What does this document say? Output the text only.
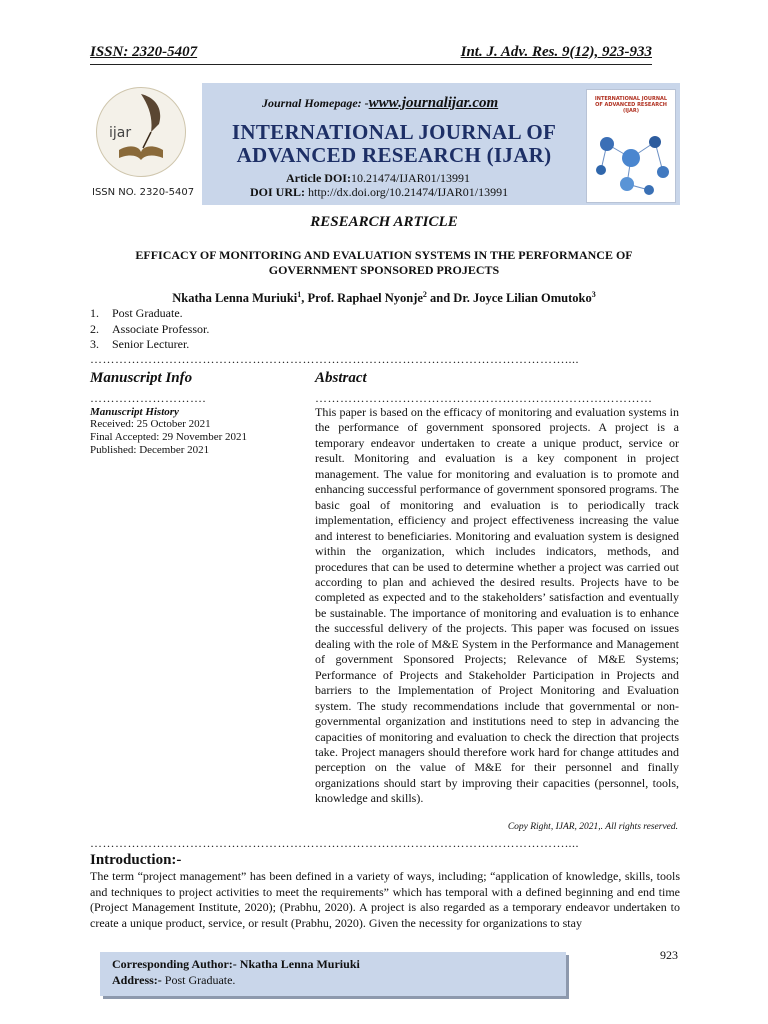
ISSN: 2320-5407	Int. J. Adv. Res. 9(12), 923-933
ijar
ISSN NO. 2320-5407
Journal Homepage: -www.journalijar.com
INTERNATIONAL JOURNAL OF
ADVANCED RESEARCH (IJAR)
Article DOI:10.21474/IJAR01/13991
DOI URL: http://dx.doi.org/10.21474/IJAR01/13991
INTERNATIONAL JOURNAL OF ADVANCED RESEARCH (IJAR)
RESEARCH ARTICLE
EFFICACY OF MONITORING AND EVALUATION SYSTEMS IN THE PERFORMANCE OF
GOVERNMENT SPONSORED PROJECTS
Nkatha Lenna Muriuki$^1$, Prof. Raphael Nyonje$^2$ and Dr. Joyce Lilian Omutoko$^3$
1. Post Graduate.
2. Associate Professor.
3. Senior Lecturer.
……………………………………………………………………………………………………....
Manuscript Info
……………………….
Manuscript History
Received: 25 October 2021
Final Accepted: 29 November 2021
Published: December 2021
Abstract
………………………………………………………………………
This paper is based on the efficacy of monitoring and evaluation systems in the performance of government sponsored projects. A project is a temporary endeavor undertaken to create a unique product, service or result. Monitoring and evaluation is a key component in project management. The value for monitoring and evaluation is to promote and enhancing successful performance of government sponsored programs. The basic goal of monitoring and evaluation is to periodically track implementation, efficiency and project effectiveness increasing the value and interest to beneficiaries. Monitoring and evaluation system is designed within the organization, which includes indicators, methods, and procedures that can be used to determine whether a project was carried out according to plan and achieved the desired results. Projects have to be completed as expected and to the stakeholders’ satisfaction and eventually be sustainable. The importance of monitoring and evaluation is to enhance the successful delivery of the projects. This paper was focused on issues dealing with the role of M&E System in the Performance and Management of government Sponsored Projects; Relevance of M&E Systems; Performance of Projects and Stakeholder Participation in Projects and barriers to the Implementation of Project Monitoring and Evaluation system. The study recommendations include that governmental or non-governmental organization and institutions need to step in advancing the capacities of monitoring and evaluation to check the direction that projects take. Project managers should therefore work hard for change attitudes and perception on the value of M&E for their personnel and finally organizations should start by improving their capacities (personnel, tools, knowledge and skills).
Copy Right, IJAR, 2021,. All rights reserved.
……………………………………………………………………………………………………....
Introduction:-
The term “project management” has been defined in a variety of ways, including; “application of knowledge, skills, tools and techniques to project activities to meet the requirements” which has temporal with a defined beginning and end time (Project Management Institute, 2020); (Prabhu, 2020). A project is also regarded as a temporary endeavor undertaken to create a unique product, service, or result (Prabhu, 2020). Given the necessity for organizations to stay
923
Corresponding Author:- Nkatha Lenna Muriuki
Address:- Post Graduate.
